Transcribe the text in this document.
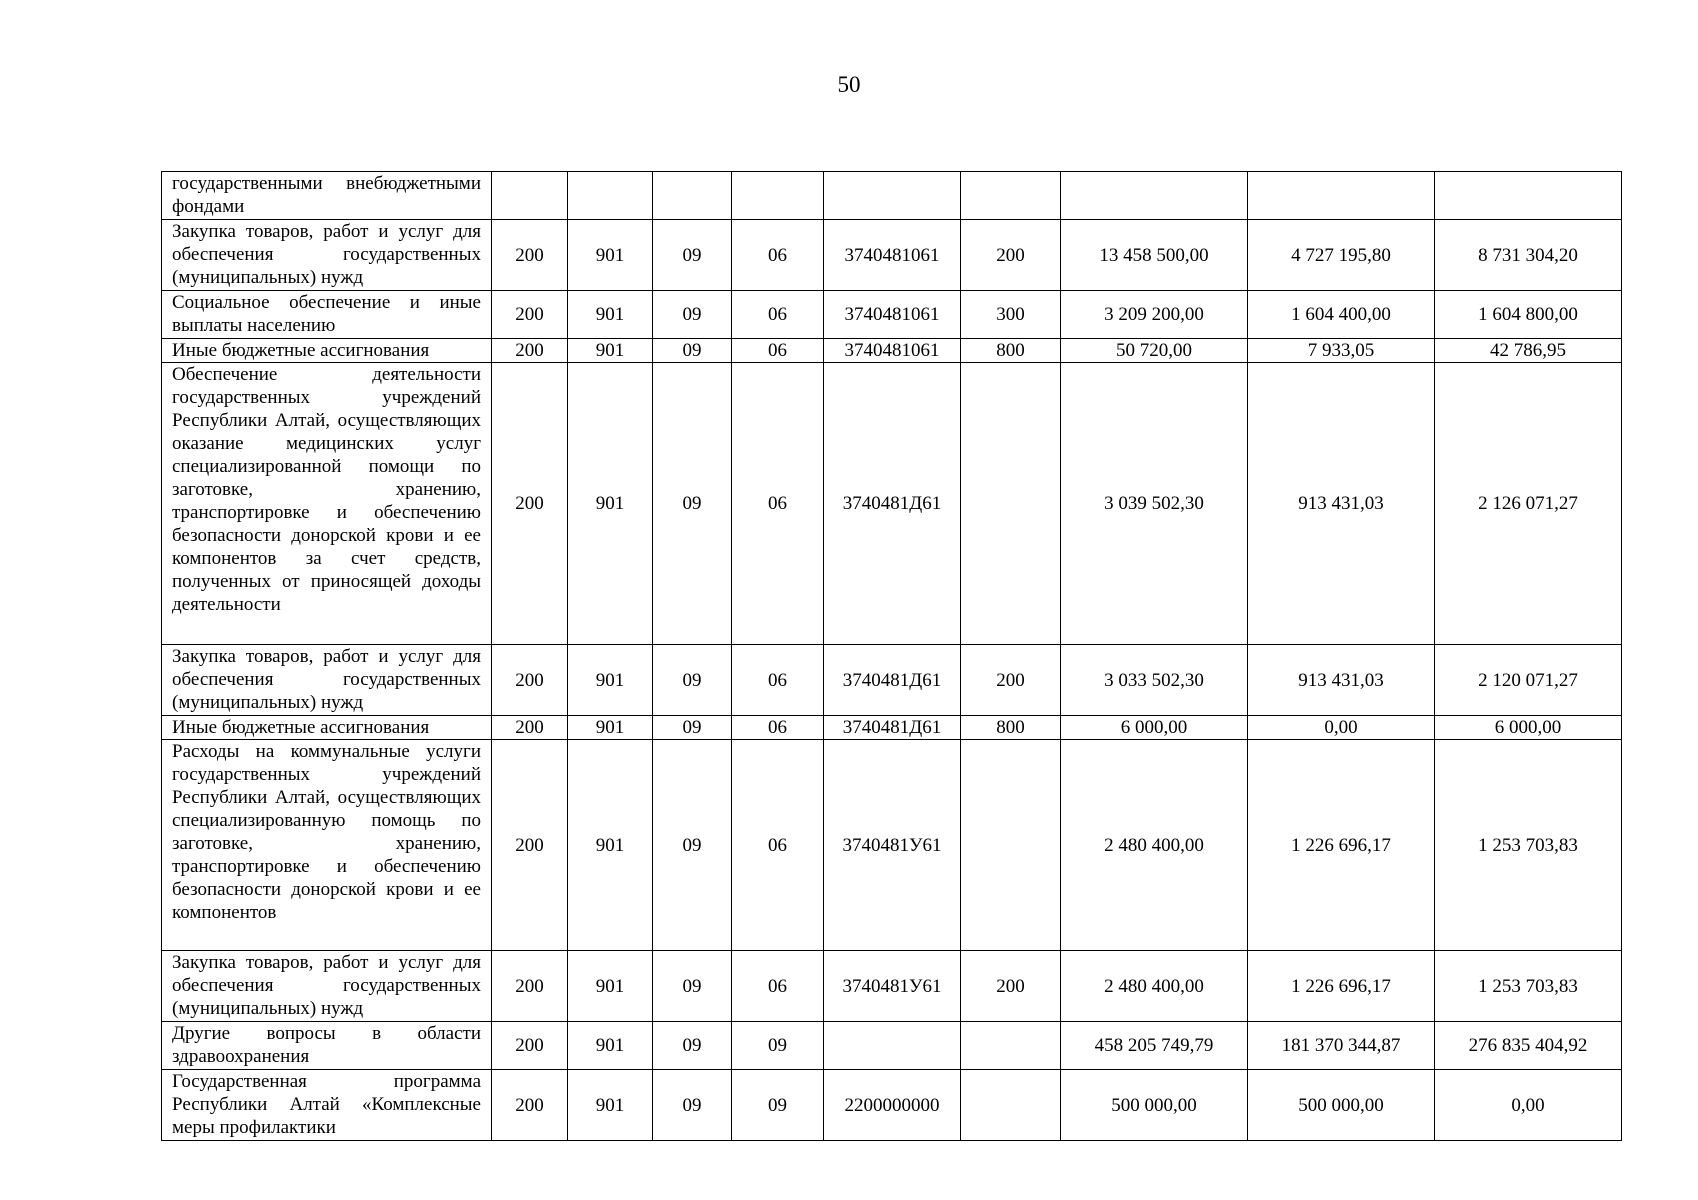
50
государственными внебюджетными фондами									
Закупка товаров, работ и услуг для обеспечения государственных (муниципальных) нужд	200	901	09	06	3740481061	200	13 458 500,00	4 727 195,80	8 731 304,20
Социальное обеспечение и иные выплаты населению	200	901	09	06	3740481061	300	3 209 200,00	1 604 400,00	1 604 800,00
Иные бюджетные ассигнования	200	901	09	06	3740481061	800	50 720,00	7 933,05	42 786,95
Обеспечение деятельности государственных учреждений Республики Алтай, осуществляющих оказание медицинских услуг специализированной помощи по заготовке, хранению, транспортировке и обеспечению безопасности донорской крови и ее компонентов за счет средств, полученных от приносящей доходы деятельности	200	901	09	06	3740481Д61		3 039 502,30	913 431,03	2 126 071,27
Закупка товаров, работ и услуг для обеспечения государственных (муниципальных) нужд	200	901	09	06	3740481Д61	200	3 033 502,30	913 431,03	2 120 071,27
Иные бюджетные ассигнования	200	901	09	06	3740481Д61	800	6 000,00	0,00	6 000,00
Расходы на коммунальные услуги государственных учреждений Республики Алтай, осуществляющих специализированную помощь по заготовке, хранению, транспортировке и обеспечению безопасности донорской крови и ее компонентов	200	901	09	06	3740481У61		2 480 400,00	1 226 696,17	1 253 703,83
Закупка товаров, работ и услуг для обеспечения государственных (муниципальных) нужд	200	901	09	06	3740481У61	200	2 480 400,00	1 226 696,17	1 253 703,83
Другие вопросы в области здравоохранения	200	901	09	09			458 205 749,79	181 370 344,87	276 835 404,92
Государственная программа Республики Алтай «Комплексные меры профилактики	200	901	09	09	2200000000		500 000,00	500 000,00	0,00
